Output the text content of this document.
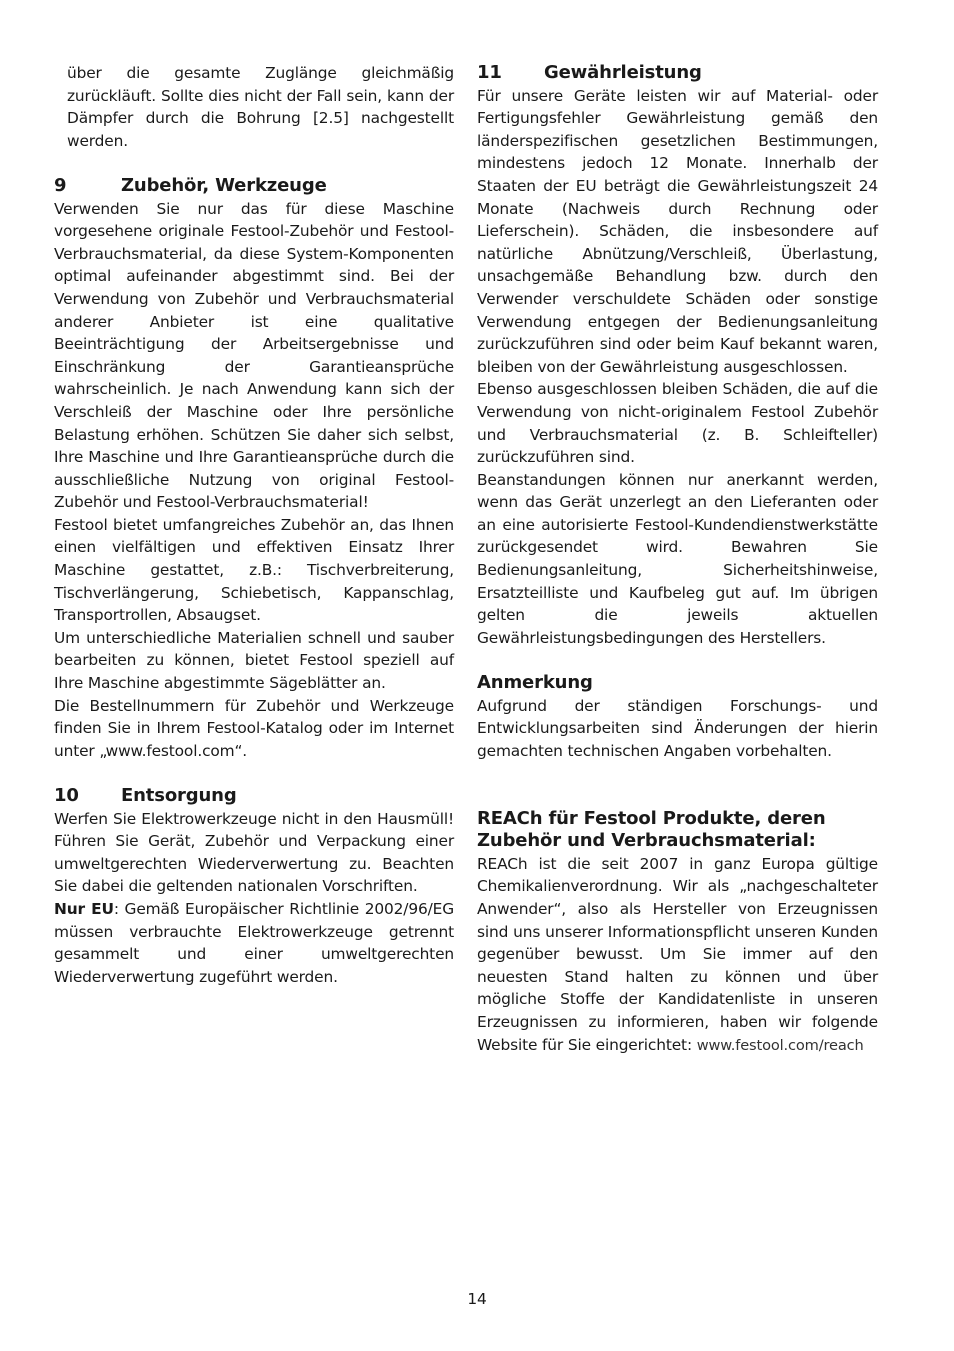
über die gesamte Zuglänge gleichmäßig zurückläuft. Sollte dies nicht der Fall sein, kann der Dämpfer durch die Bohrung [2.5] nachgestellt werden.

9	Zubehör, Werkzeuge

Verwenden Sie nur das für diese Maschine vorgesehene originale Festool-Zubehör und Festool-Verbrauchsmaterial, da diese System-Komponenten optimal aufeinander abgestimmt sind. Bei der Verwendung von Zubehör und Verbrauchsmaterial anderer Anbieter ist eine qualitative Beeinträchtigung der Arbeitsergebnisse und Einschränkung der Garantieansprüche wahrscheinlich. Je nach Anwendung kann sich der Verschleiß der Maschine oder Ihre persönliche Belastung erhöhen. Schützen Sie daher sich selbst, Ihre Maschine und Ihre Garantieansprüche durch die ausschließliche Nutzung von original Festool-Zubehör und Festool-Verbrauchsmaterial!

Festool bietet umfangreiches Zubehör an, das Ihnen einen vielfältigen und effektiven Einsatz Ihrer Maschine gestattet, z.B.: Tischverbreiterung, Tischverlängerung, Schiebetisch, Kappanschlag, Transportrollen, Absaugset.

Um unterschiedliche Materialien schnell und sauber bearbeiten zu können, bietet Festool speziell auf Ihre Maschine abgestimmte Sägeblätter an.

Die Bestellnummern für Zubehör und Werkzeuge finden Sie in Ihrem Festool-Katalog oder im Internet unter „www.festool.com“.

10 Entsorgung

Werfen Sie Elektrowerkzeuge nicht in den Hausmüll! Führen Sie Gerät, Zubehör und Verpackung einer umweltgerechten Wiederverwertung zu. Beachten Sie dabei die geltenden nationalen Vorschriften.

Nur EU: Gemäß Europäischer Richtlinie 2002/96/EG müssen verbrauchte Elektrowerkzeuge getrennt gesammelt und einer umweltgerechten Wiederverwertung zugeführt werden.

11 Gewährleistung

Für unsere Geräte leisten wir auf Material- oder Fertigungsfehler Gewährleistung gemäß den länderspezifischen gesetzlichen Bestimmungen, mindestens jedoch 12 Monate. Innerhalb der Staaten der EU beträgt die Gewährleistungszeit 24 Monate (Nachweis durch Rechnung oder Lieferschein). Schäden, die insbesondere auf natürliche Abnützung/Verschleiß, Überlastung, unsachgemäße Behandlung bzw. durch den Verwender verschuldete Schäden oder sonstige Verwendung entgegen der Bedienungsanleitung zurückzuführen sind oder beim Kauf bekannt waren, bleiben von der Gewährleistung ausgeschlossen.

Ebenso ausgeschlossen bleiben Schäden, die auf die Verwendung von nicht-originalem Festool Zubehör und Verbrauchsmaterial (z. B. Schleifteller) zurückzuführen sind.

Beanstandungen können nur anerkannt werden, wenn das Gerät unzerlegt an den Lieferanten oder an eine autorisierte Festool-Kundendienstwerkstätte zurückgesendet wird. Bewahren Sie Bedienungsanleitung, Sicherheitshinweise, Ersatzteilliste und Kaufbeleg gut auf. Im übrigen gelten die jeweils aktuellen Gewährleistungsbedingungen des Herstellers.

Anmerkung

Aufgrund der ständigen Forschungs- und Entwicklungsarbeiten sind Änderungen der hierin gemachten technischen Angaben vorbehalten.

REACh für Festool Produkte, deren Zubehör und Verbrauchsmaterial:

REACh ist die seit 2007 in ganz Europa gültige Chemikalienverordnung. Wir als „nachgeschalteter Anwender“, also als Hersteller von Erzeugnissen sind uns unserer Informationspflicht unseren Kunden gegenüber bewusst. Um Sie immer auf den neuesten Stand halten zu können und über mögliche Stoffe der Kandidatenliste in unseren Erzeugnissen zu informieren, haben wir folgende Website für Sie eingerichtet: www.festool.com/reach

14
